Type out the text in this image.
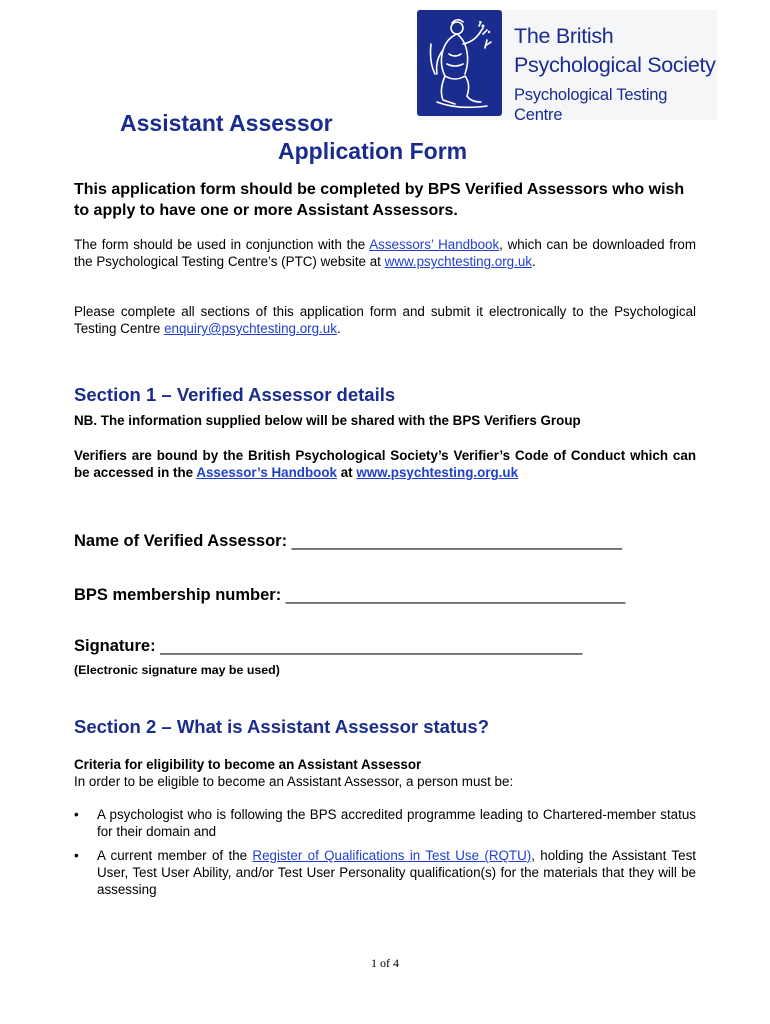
The British
Psychological Society
Psychological Testing Centre
Assistant Assessor
Application Form
This application form should be completed by BPS Verified Assessors who wish to apply to have one or more Assistant Assessors.
The form should be used in conjunction with the Assessors’ Handbook, which can be downloaded from the Psychological Testing Centre’s (PTC) website at www.psychtesting.org.uk.
Please complete all sections of this application form and submit it electronically to the Psychological Testing Centre enquiry@psychtesting.org.uk.
Section 1 – Verified Assessor details
NB. The information supplied below will be shared with the BPS Verifiers Group
Verifiers are bound by the British Psychological Society’s Verifier’s Code of Conduct which can be accessed in the Assessor’s Handbook at www.psychtesting.org.uk
Name of Verified Assessor: ____________________________________
BPS membership number: _____________________________________
Signature: ______________________________________________
(Electronic signature may be used)
Section 2 – What is Assistant Assessor status?
Criteria for eligibility to become an Assistant Assessor
In order to be eligible to become an Assistant Assessor, a person must be:
• A psychologist who is following the BPS accredited programme leading to Chartered-member status for their domain and
• A current member of the Register of Qualifications in Test Use (RQTU), holding the Assistant Test User, Test User Ability, and/or Test User Personality qualification(s) for the materials that they will be assessing
1 of 4
